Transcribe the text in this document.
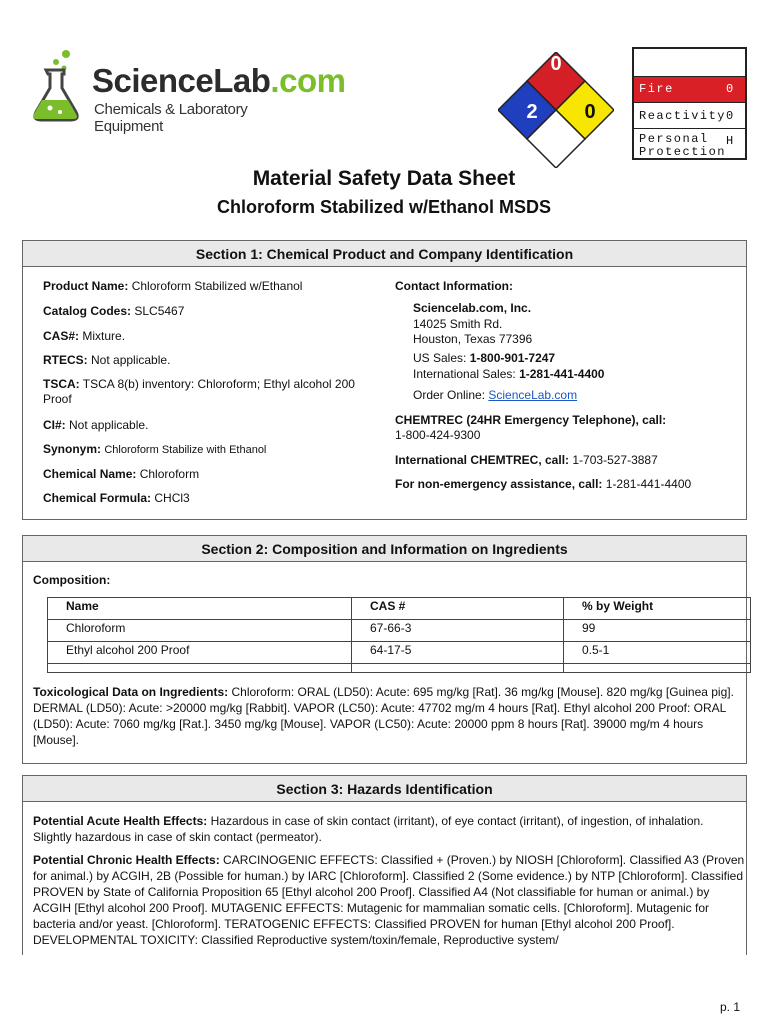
ScienceLab.com
Chemicals & Laboratory Equipment
0
2 0
Fire	0
Reactivity 0
Personal Protection
H
Material Safety Data Sheet
Chloroform Stabilized w/Ethanol MSDS
Section 1: Chemical Product and Company Identification
Product Name: Chloroform Stabilized w/Ethanol
Catalog Codes: SLC5467
CAS#: Mixture.
RTECS: Not applicable.
TSCA: TSCA 8(b) inventory: Chloroform; Ethyl alcohol 200 Proof
CI#: Not applicable.
Synonym: Chloroform Stabilize with Ethanol
Chemical Name: Chloroform
Chemical Formula: CHCl3
Contact Information:
Sciencelab.com, Inc.
14025 Smith Rd.
Houston, Texas 77396
US Sales: 1-800-901-7247
International Sales: 1-281-441-4400
Order Online: ScienceLab.com
CHEMTREC (24HR Emergency Telephone), call:
1-800-424-9300
International CHEMTREC, call: 1-703-527-3887
For non-emergency assistance, call: 1-281-441-4400
Section 2: Composition and Information on Ingredients
Composition:
Name	CAS #	% by Weight
Chloroform	67-66-3	99
Ethyl alcohol 200 Proof	64-17-5	0.5-1

Toxicological Data on Ingredients: Chloroform: ORAL (LD50): Acute: 695 mg/kg [Rat]. 36 mg/kg [Mouse]. 820 mg/kg [Guinea pig]. DERMAL (LD50): Acute: >20000 mg/kg [Rabbit]. VAPOR (LC50): Acute: 47702 mg/m 4 hours [Rat]. Ethyl alcohol 200 Proof: ORAL (LD50): Acute: 7060 mg/kg [Rat.]. 3450 mg/kg [Mouse]. VAPOR (LC50): Acute: 20000 ppm 8 hours [Rat]. 39000 mg/m 4 hours [Mouse].
Section 3: Hazards Identification
Potential Acute Health Effects: Hazardous in case of skin contact (irritant), of eye contact (irritant), of ingestion, of inhalation. Slightly hazardous in case of skin contact (permeator).
Potential Chronic Health Effects: CARCINOGENIC EFFECTS: Classified + (Proven.) by NIOSH [Chloroform]. Classified A3 (Proven for animal.) by ACGIH, 2B (Possible for human.) by IARC [Chloroform]. Classified 2 (Some evidence.) by NTP [Chloroform]. Classified PROVEN by State of California Proposition 65 [Ethyl alcohol 200 Proof]. Classified A4 (Not classifiable for human or animal.) by ACGIH [Ethyl alcohol 200 Proof]. MUTAGENIC EFFECTS: Mutagenic for mammalian somatic cells. [Chloroform]. Mutagenic for bacteria and/or yeast. [Chloroform]. TERATOGENIC EFFECTS: Classified PROVEN for human [Ethyl alcohol 200 Proof]. DEVELOPMENTAL TOXICITY: Classified Reproductive system/toxin/female, Reproductive system/
p. 1
